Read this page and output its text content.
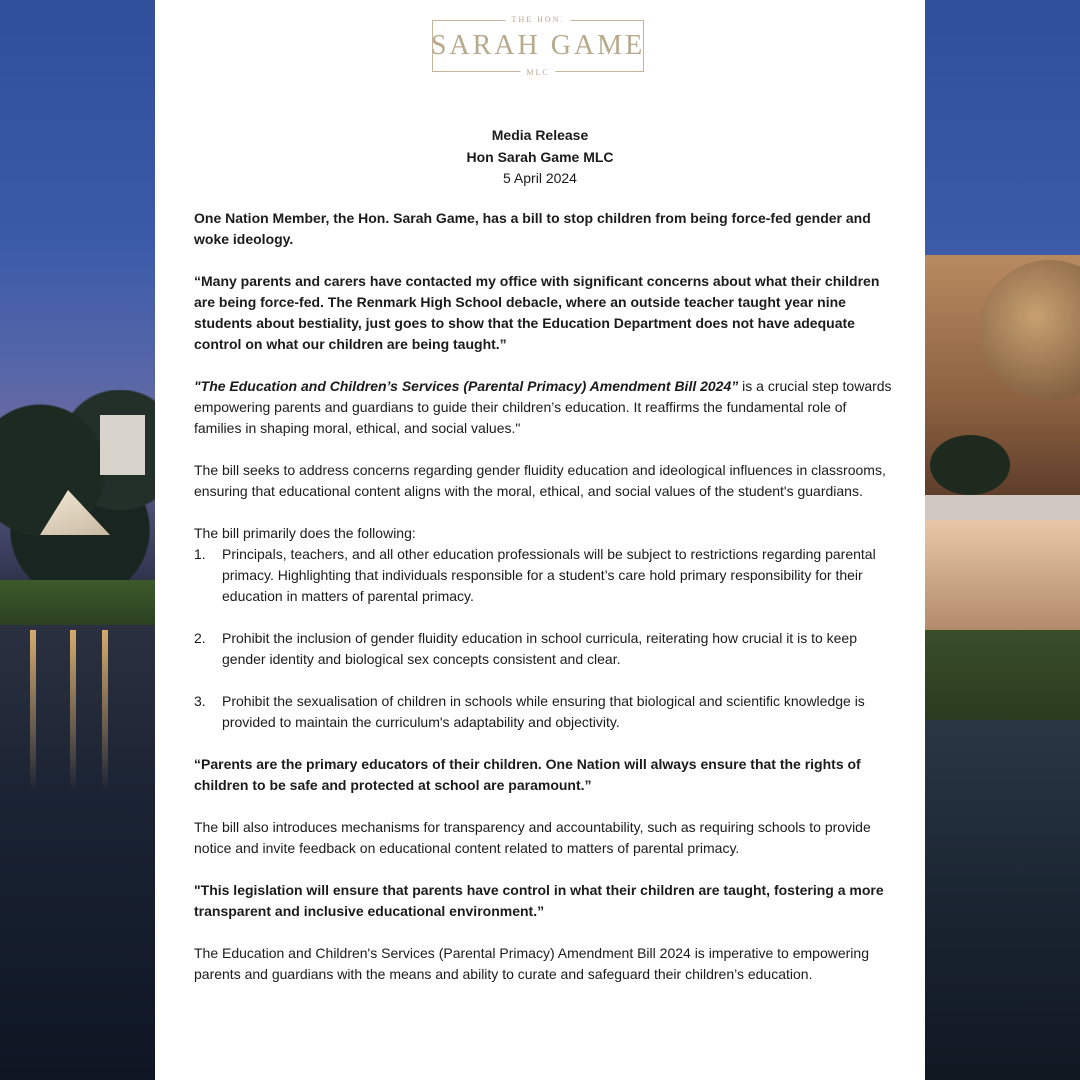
THE HON.
SARAH GAME
MLC
Media Release
Hon Sarah Game MLC
5 April 2024

One Nation Member, the Hon. Sarah Game, has a bill to stop children from being force-fed gender and woke ideology.

“Many parents and carers have contacted my office with significant concerns about what their children are being force-fed. The Renmark High School debacle, where an outside teacher taught year nine students about bestiality, just goes to show that the Education Department does not have adequate control on what our children are being taught.”

"The Education and Children’s Services (Parental Primacy) Amendment Bill 2024” is a crucial step towards empowering parents and guardians to guide their children’s education. It reaffirms the fundamental role of families in shaping moral, ethical, and social values."

The bill seeks to address concerns regarding gender fluidity education and ideological influences in classrooms, ensuring that educational content aligns with the moral, ethical, and social values of the student's guardians.

The bill primarily does the following:

1. Principals, teachers, and all other education professionals will be subject to restrictions regarding parental primacy. Highlighting that individuals responsible for a student’s care hold primary responsibility for their education in matters of parental primacy.
2. Prohibit the inclusion of gender fluidity education in school curricula, reiterating how crucial it is to keep gender identity and biological sex concepts consistent and clear.
3. Prohibit the sexualisation of children in schools while ensuring that biological and scientific knowledge is provided to maintain the curriculum's adaptability and objectivity.

“Parents are the primary educators of their children. One Nation will always ensure that the rights of children to be safe and protected at school are paramount.”

The bill also introduces mechanisms for transparency and accountability, such as requiring schools to provide notice and invite feedback on educational content related to matters of parental primacy.

"This legislation will ensure that parents have control in what their children are taught, fostering a more transparent and inclusive educational environment.”

The Education and Children's Services (Parental Primacy) Amendment Bill 2024 is imperative to empowering parents and guardians with the means and ability to curate and safeguard their children’s education.
